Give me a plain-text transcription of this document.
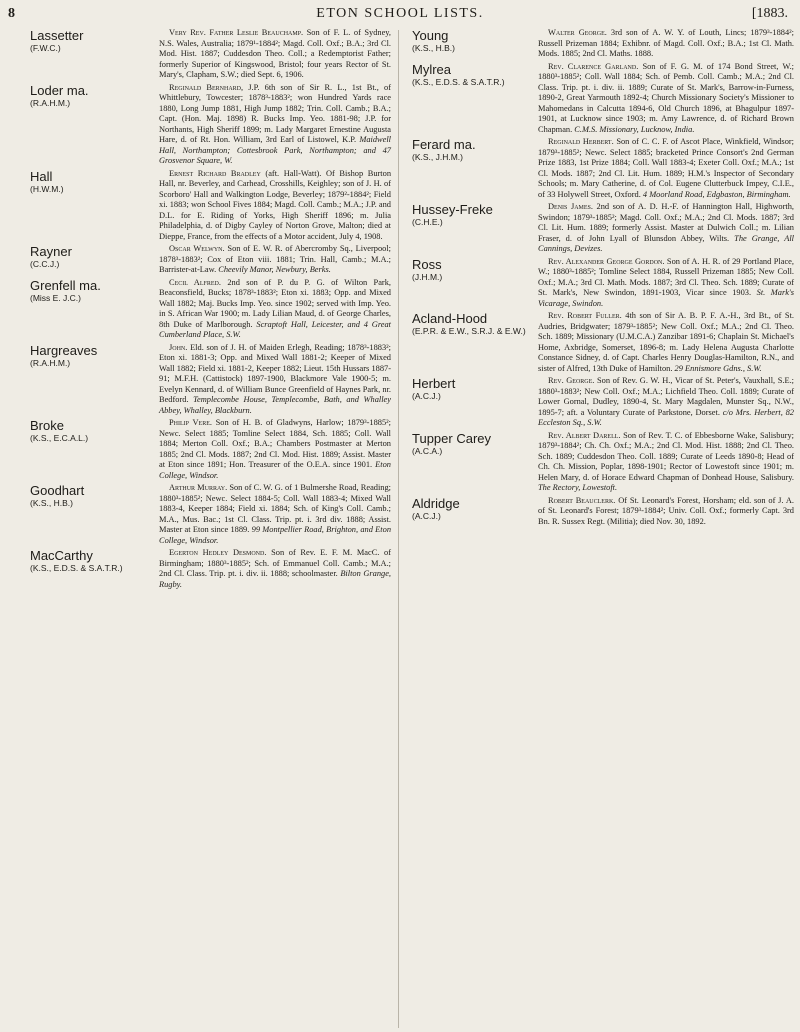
8	ETON SCHOOL LISTS.	[1883.

Very Rev. Father Leslie Beauchamp. Son of F. L. of Sydney, N.S. Wales, Australia; 1879¹-1884²; Magd. Coll. Oxf.; B.A.; 3rd Cl. Mod. Hist. 1887; Cuddesdon Theo. Coll.; a Redemptorist Father; formerly Superior of Kingswood, Bristol; four years Rector of St. Mary's, Clapham, S.W.; died Sept. 6, 1906.

Reginald Bernhard, J.P. 6th son of Sir R. L., 1st Bt., of Whittlebury, Towcester; 1878³-1883²; won Hundred Yards race 1880, Long Jump 1881, High Jump 1882; Trin. Coll. Camb.; B.A.; Capt. (Hon. Maj. 1898) R. Bucks Imp. Yeo. 1881-98; J.P. for Northants, High Sheriff 1899; m. Lady Margaret Ernestine Augusta Hare, d. of Rt. Hon. William, 3rd Earl of Listowel, K.P. Maidwell Hall, Northampton; Cottesbrook Park, Northampton; and 47 Grosvenor Square, W.

Ernest Richard Bradley (aft. Hall-Watt). Of Bishop Burton Hall, nr. Beverley, and Carhead, Crosshills, Keighley; son of J. H. of Scorboro' Hall and Walkington Lodge, Beverley; 1879²-1884²; Field xi. 1883; won School Fives 1884; Magd. Coll. Camb.; M.A.; J.P. and D.L. for E. Riding of Yorks, High Sheriff 1896; m. Julia Philadelphia, d. of Digby Cayley of Norton Grove, Malton; died at Dieppe, France, from the effects of a Motor accident, July 4, 1908.

Oscar Welwyn. Son of E. W. R. of Abercromby Sq., Liverpool; 1878³-1883²; Cox of Eton viii. 1881; Trin. Hall, Camb.; M.A.; Barrister-at-Law. Cheevily Manor, Newbury, Berks.

Cecil Alfred. 2nd son of P. du P. G. of Wilton Park, Beaconsfield, Bucks; 1878³-1883²; Eton xi. 1883; Opp. and Mixed Wall 1882; Maj. Bucks Imp. Yeo. since 1902; served with Imp. Yeo. in S. African War 1900; m. Lady Lilian Maud, d. of George Charles, 8th Duke of Marlborough. Scraptoft Hall, Leicester, and 4 Great Cumberland Place, S.W.

John. Eld. son of J. H. of Maiden Erlegh, Reading; 1878³-1883²; Eton xi. 1881-3; Opp. and Mixed Wall 1881-2; Keeper of Mixed Wall 1882; Field xi. 1881-2, Keeper 1882; Lieut. 15th Hussars 1887-91; M.F.H. (Cattistock) 1897-1900, Blackmore Vale 1900-5; m. Evelyn Kennard, d. of William Bunce Greenfield of Haynes Park, nr. Bedford. Templecombe House, Templecombe, Bath, and Whalley Abbey, Whalley, Blackburn.

Philip Vere. Son of H. B. of Gladwyns, Harlow; 1879³-1885²; Newc. Select 1885; Tomline Select 1884, Sch. 1885; Coll. Wall 1884; Merton Coll. Oxf.; B.A.; Chambers Postmaster at Merton 1885; 2nd Cl. Mods. 1887; 2nd Cl. Mod. Hist. 1889; Assist. Master at Eton since 1891; Hon. Treasurer of the O.E.A. since 1901. Eton College, Windsor.

Arthur Murray. Son of C. W. G. of 1 Bulmershe Road, Reading; 1880³-1885²; Newc. Select 1884-5; Coll. Wall 1883-4; Mixed Wall 1883-4, Keeper 1884; Field xi. 1884; Sch. of King's Coll. Camb.; M.A., Mus. Bac.; 1st Cl. Class. Trip. pt. i. 3rd div. 1888; Assist. Master at Eton since 1889. 99 Montpellier Road, Brighton, and Eton College, Windsor.

Egerton Hedley Desmond. Son of Rev. E. F. M. MacC. of Birmingham; 1880³-1885²; Sch. of Emmanuel Coll. Camb.; M.A.; 2nd Cl. Class. Trip. pt. i. div. ii. 1888; schoolmaster. Bilton Grange, Rugby.

Lassetter
(F.W.C.)
Loder ma.
(R.A.H.M.)
Hall
(H.W.M.)
Rayner
(C.C.J.)
Grenfell ma.
(Miss E. J.C.)
Hargreaves
(R.A.H.M.)
Broke
(K.S., E.C.A.L.)
Goodhart
(K.S., H.B.)
MacCarthy
(K.S., E.D.S. & S.A.T.R.)

Walter George. 3rd son of A. W. Y. of Louth, Lincs; 1879³-1884²; Russell Prizeman 1884; Exhibnr. of Magd. Coll. Oxf.; B.A.; 1st Cl. Math. Mods. 1885; 2nd Cl. Maths. 1888.

Rev. Clarence Garland. Son of F. G. M. of 174 Bond Street, W.; 1880³-1885²; Coll. Wall 1884; Sch. of Pemb. Coll. Camb.; M.A.; 2nd Cl. Class. Trip. pt. i. div. ii. 1889; Curate of St. Mark's, Barrow-in-Furness, 1890-2, Great Yarmouth 1892-4; Church Missionary Society's Missioner to Mahomedans in Calcutta 1894-6, Old Church 1896, at Bhagulpur 1897-1901, at Lucknow since 1903; m. Amy Lawrence, d. of Richard Brown Chapman. C.M.S. Missionary, Lucknow, India.

Reginald Herbert. Son of C. C. F. of Ascot Place, Winkfield, Windsor; 1879³-1885²; Newc. Select 1885; bracketed Prince Consort's 2nd German Prize 1883, 1st Prize 1884; Coll. Wall 1883-4; Exeter Coll. Oxf.; M.A.; 1st Cl. Mods. 1887; 2nd Cl. Lit. Hum. 1889; H.M.'s Inspector of Secondary Schools; m. Mary Catherine, d. of Col. Eugene Clutterbuck Impey, C.I.E., of 33 Holywell Street, Oxford. 4 Moorland Road, Edgbaston, Birmingham.

Denis James. 2nd son of A. D. H.-F. of Hannington Hall, Highworth, Swindon; 1879³-1885²; Magd. Coll. Oxf.; M.A.; 2nd Cl. Mods. 1887; 3rd Cl. Lit. Hum. 1889; formerly Assist. Master at Dulwich Coll.; m. Lilian Fraser, d. of John Lyall of Blunsdon Abbey, Wilts. The Grange, All Cannings, Devizes.

Rev. Alexander George Gordon. Son of A. H. R. of 29 Portland Place, W.; 1880³-1885²; Tomline Select 1884, Russell Prizeman 1885; New Coll. Oxf.; M.A.; 3rd Cl. Math. Mods. 1887; 3rd Cl. Theo. Sch. 1889; Curate of St. Mark's, New Swindon, 1891-1903, Vicar since 1903. St. Mark's Vicarage, Swindon.

Rev. Robert Fuller. 4th son of Sir A. B. P. F. A.-H., 3rd Bt., of St. Audries, Bridgwater; 1879³-1885²; New Coll. Oxf.; M.A.; 2nd Cl. Theo. Sch. 1889; Missionary (U.M.C.A.) Zanzibar 1891-6; Chaplain St. Michael's Home, Axbridge, Somerset, 1896-8; m. Lady Helena Augusta Charlotte Constance Sidney, d. of Capt. Charles Henry Douglas-Hamilton, R.N., and sister of Alfred, 13th Duke of Hamilton. 29 Ennismore Gdns., S.W.

Rev. George. Son of Rev. G. W. H., Vicar of St. Peter's, Vauxhall, S.E.; 1880³-1883²; New Coll. Oxf.; M.A.; Lichfield Theo. Coll. 1889; Curate of Lower Gornal, Dudley, 1890-4, St. Mary Magdalen, Munster Sq., N.W., 1895-7; aft. a Voluntary Curate of Parkstone, Dorset. c/o Mrs. Herbert, 82 Eccleston Sq., S.W.

Rev. Albert Darell. Son of Rev. T. C. of Ebbesborne Wake, Salisbury; 1879³-1884²; Ch. Ch. Oxf.; M.A.; 2nd Cl. Mod. Hist. 1888; 2nd Cl. Theo. Sch. 1889; Cuddesdon Theo. Coll. 1889; Curate of Leeds 1890-8; Head of Ch. Ch. Mission, Poplar, 1898-1901; Rector of Lowestoft since 1901; m. Helen Mary, d. of Horace Edward Chapman of Donhead House, Salisbury. The Rectory, Lowestoft.

Robert Beauclerk. Of St. Leonard's Forest, Horsham; eld. son of J. A. of St. Leonard's Forest; 1879³-1884²; Univ. Coll. Oxf.; formerly Capt. 3rd Bn. R. Sussex Regt. (Militia); died Nov. 30, 1892.

Young
(K.S., H.B.)
Mylrea
(K.S., E.D.S. & S.A.T.R.)
Ferard ma.
(K.S., J.H.M.)
Hussey-Freke
(C.H.E.)
Ross
(J.H.M.)
Acland-Hood
(E.P.R. & E.W., S.R.J. & E.W.)
Herbert
(A.C.J.)
Tupper Carey
(A.C.A.)
Aldridge
(A.C.J.)
